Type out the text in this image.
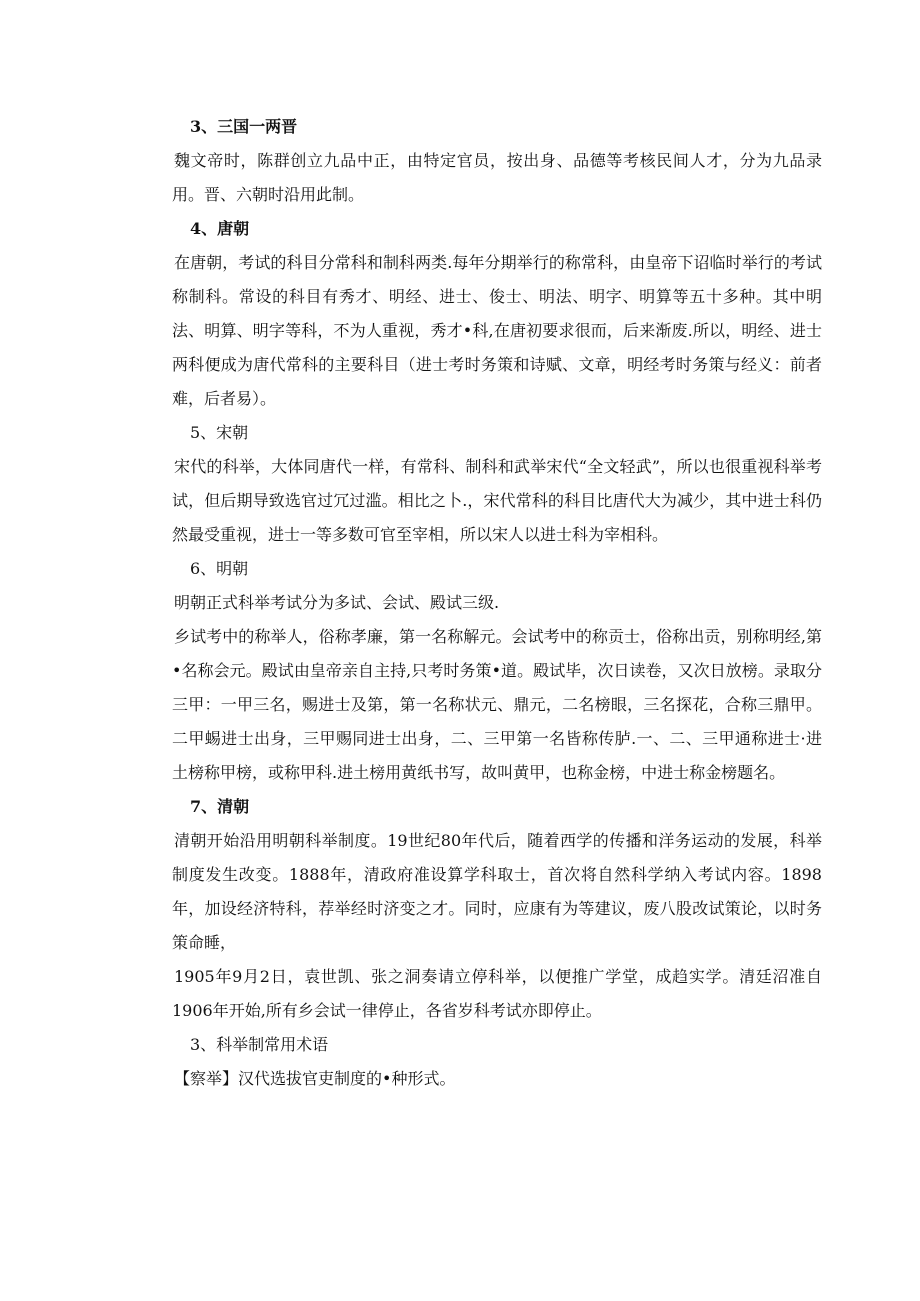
3、三国一两晋

魏文帝时，陈群创立九品中正，由特定官员，按出身、品德等考核民间人才，分为九品录用。晋、六朝时沿用此制。

4、唐朝

在唐朝，考试的科目分常科和制科两类.每年分期举行的称常科，由皇帝下诏临时举行的考试称制科。常设的科目有秀才、明经、进士、俊士、明法、明字、明算等五十多种。其中明法、明算、明字等科，不为人重视，秀才•科,在唐初要求很而，后来渐废.所以，明经、进士两科便成为唐代常科的主要科目（进士考时务策和诗赋、文章，明经考时务策与经义：前者难，后者易）。

5、宋朝

宋代的科举，大体同唐代一样，有常科、制科和武举宋代“全文轻武”，所以也很重视科举考试，但后期导致选官过冗过滥。相比之卜.，宋代常科的科目比唐代大为减少，其中进士科仍然最受重视，进士一等多数可官至宰相，所以宋人以进士科为宰相科。

6、明朝

明朝正式科举考试分为多试、会试、殿试三级.

乡试考中的称举人，俗称孝廉，第一名称解元。会试考中的称贡士，俗称出贡，别称明经,第•名称会元。殿试由皇帝亲自主持,只考时务策•道。殿试毕，次日读卷，又次日放榜。录取分三甲：一甲三名，赐进士及第，第一名称状元、鼎元，二名榜眼，三名探花，合称三鼎甲。二甲蜴进士出身，三甲赐同进士出身，二、三甲第一名皆称传胪.一、二、三甲通称进士·进土榜称甲榜，或称甲科.进土榜用黄纸书写，故叫黄甲，也称金榜，中进士称金榜题名。

7、清朝

清朝开始沿用明朝科举制度。19世纪80年代后，随着西学的传播和洋务运动的发展，科举制度发生改变。1888年，清政府准设算学科取士，首次将自然科学纳入考试内容。1898年，加设经济特科，荐举经时济变之才。同时，应康有为等建议，废八股改试策论，以时务策命睡，

1905年9月2日，袁世凯、张之洞奏请立停科举，以便推广学堂，成趋实学。清廷沼准自1906年开始,所有乡会试一律停止，各省岁科考试亦即停止。

3、科举制常用术语

【察举】汉代选拔官吏制度的•种形式。
